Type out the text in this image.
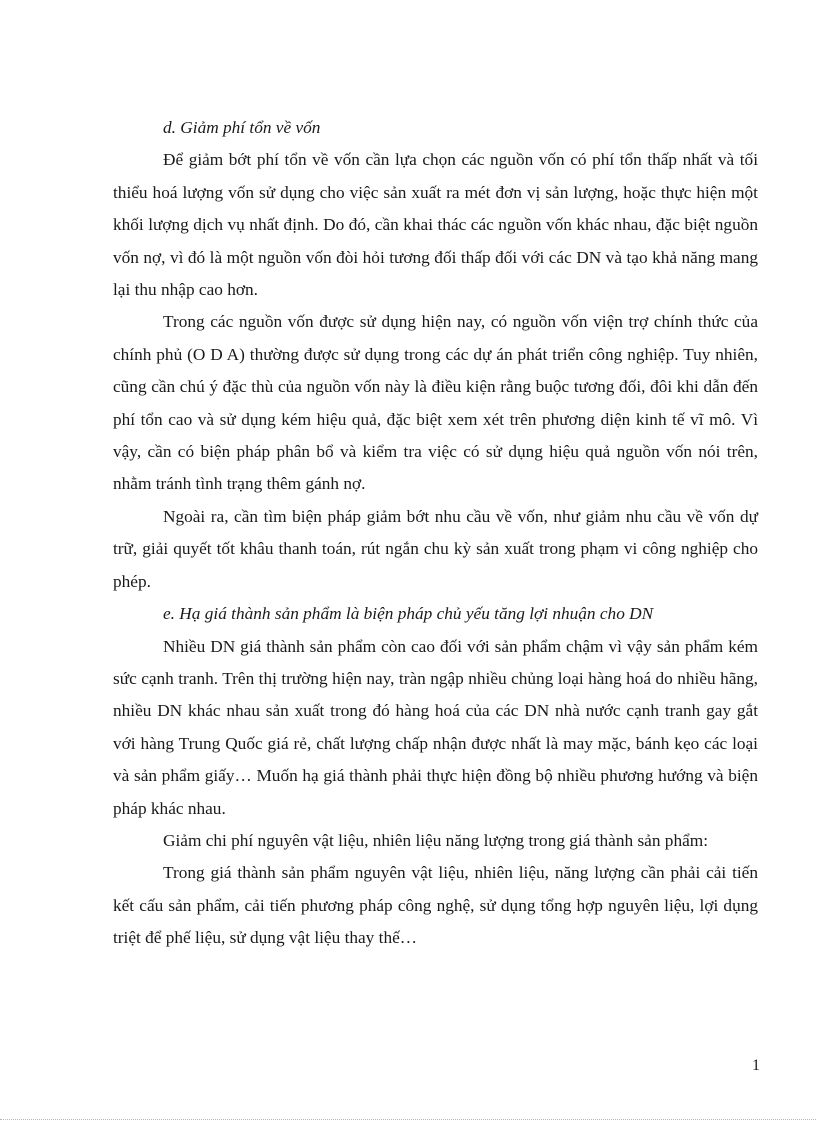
d. Giảm phí tổn về vốn

Để giảm bớt phí tổn về vốn cần lựa chọn các nguồn vốn có phí tổn thấp nhất và tối thiểu hoá lượng vốn sử dụng cho việc sản xuất ra mét đơn vị sản lượng, hoặc thực hiện một khối lượng dịch vụ nhất định. Do đó, cần khai thác các nguồn vốn khác nhau, đặc biệt nguồn vốn nợ, vì đó là một nguồn vốn đòi hỏi tương đối thấp đối với các DN và tạo khả năng mang lại thu nhập cao hơn.

Trong các nguồn vốn được sử dụng hiện nay, có nguồn vốn viện trợ chính thức của chính phủ (O D A) thường được sử dụng trong các dự án phát triển công nghiệp. Tuy nhiên, cũng cần chú ý đặc thù của nguồn vốn này là điều kiện rằng buộc tương đối, đôi khi dẫn đến phí tổn cao và sử dụng kém hiệu quả, đặc biệt xem xét trên phương diện kinh tế vĩ mô. Vì vậy, cần có biện pháp phân bổ và kiểm tra việc có sử dụng hiệu quả nguồn vốn nói trên, nhằm tránh tình trạng thêm gánh nợ.

Ngoài ra, cần tìm biện pháp giảm bớt nhu cầu về vốn, như giảm nhu cầu về vốn dự trữ, giải quyết tốt khâu thanh toán, rút ngắn chu kỳ sản xuất trong phạm vi công nghiệp cho phép.

e. Hạ giá thành sản phẩm là biện pháp chủ yếu tăng lợi nhuận cho DN

Nhiều DN giá thành sản phẩm còn cao đối với sản phẩm chậm vì vậy sản phẩm kém sức cạnh tranh. Trên thị trường hiện nay, tràn ngập nhiều chủng loại hàng hoá do nhiều hãng, nhiều DN khác nhau sản xuất trong đó hàng hoá của các DN nhà nước cạnh tranh gay gắt với hàng Trung Quốc giá rẻ, chất lượng chấp nhận được nhất là may mặc, bánh kẹo các loại và sản phẩm giấy… Muốn hạ giá thành phải thực hiện đồng bộ nhiều phương hướng và biện pháp khác nhau.

Giảm chi phí nguyên vật liệu, nhiên liệu năng lượng trong giá thành sản phẩm:

Trong giá thành sản phẩm nguyên vật liệu, nhiên liệu, năng lượng cần phải cải tiến kết cấu sản phẩm, cải tiến phương pháp công nghệ, sử dụng tổng hợp nguyên liệu, lợi dụng triệt để phế liệu, sử dụng vật liệu thay thế…

1
